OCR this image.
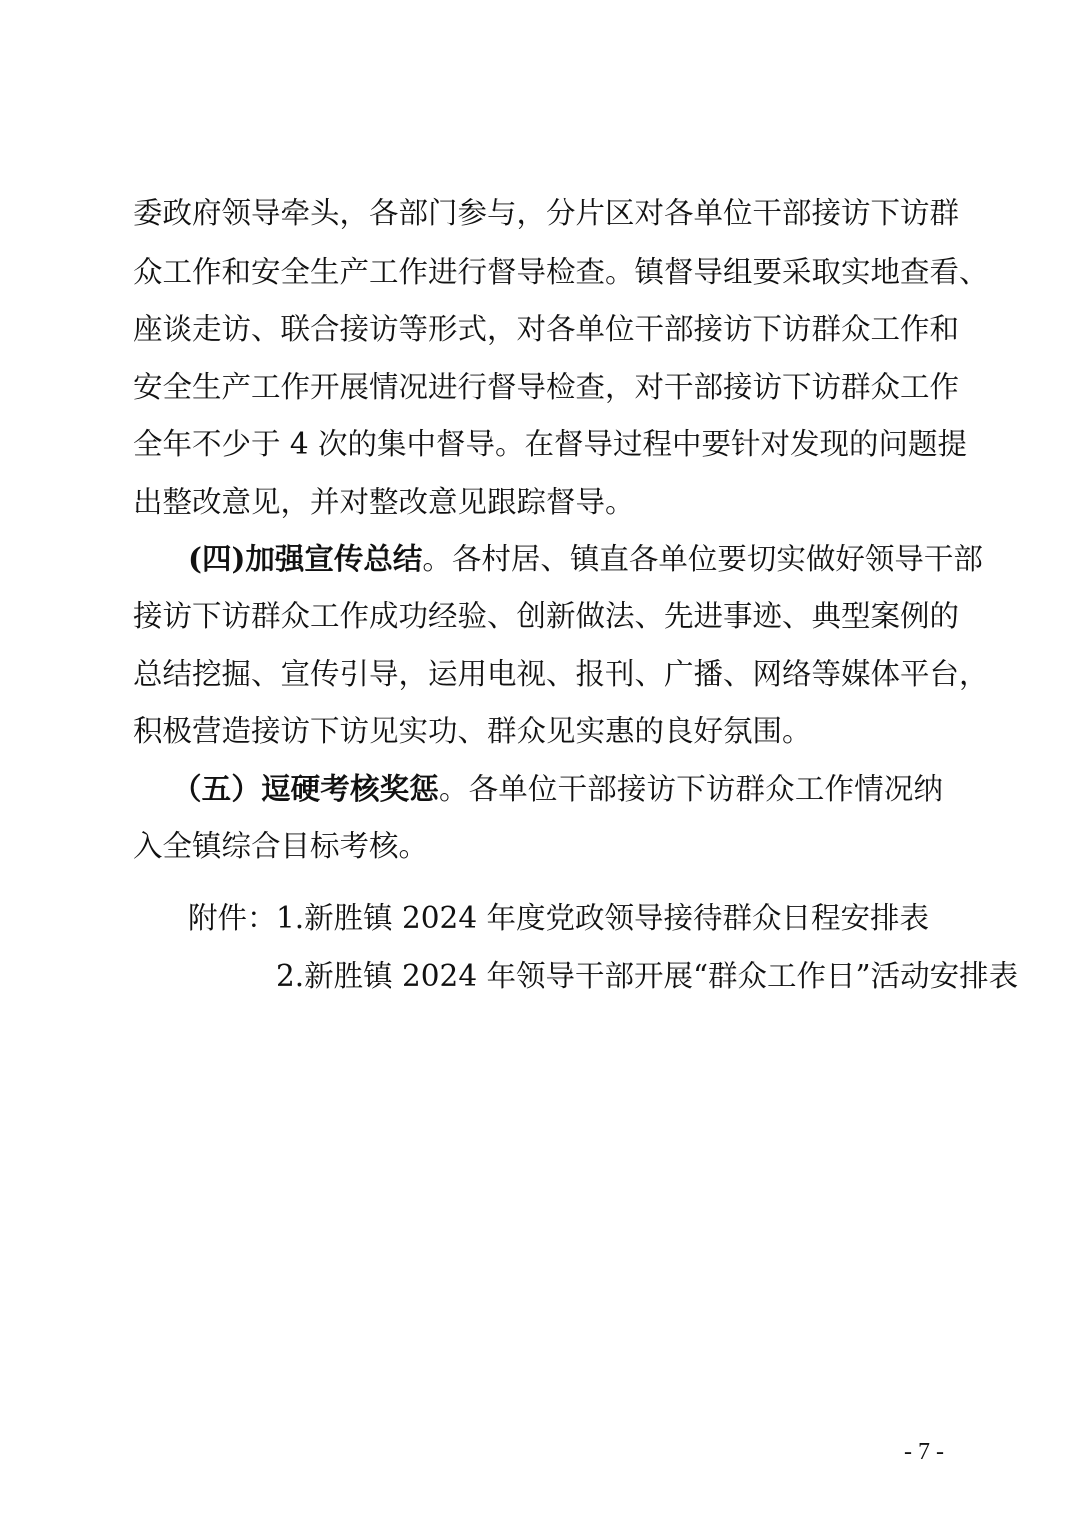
委政府领导牵头，各部门参与，分片区对各单位干部接访下访群
众工作和安全生产工作进行督导检查。镇督导组要采取实地查看、
座谈走访、联合接访等形式，对各单位干部接访下访群众工作和
安全生产工作开展情况进行督导检查，对干部接访下访群众工作
全年不少于 4 次的集中督导。在督导过程中要针对发现的问题提
出整改意见，并对整改意见跟踪督导。
(四)加强宣传总结。各村居、镇直各单位要切实做好领导干部
接访下访群众工作成功经验、创新做法、先进事迹、典型案例的
总结挖掘、宣传引导，运用电视、报刊、广播、网络等媒体平台，
积极营造接访下访见实功、群众见实惠的良好氛围。
（五）逗硬考核奖惩。各单位干部接访下访群众工作情况纳
入全镇综合目标考核。
附件： 1.新胜镇 2024 年度党政领导接待群众日程安排表
2.新胜镇 2024 年领导干部开展“群众工作日”活动安排表
- 7 -
